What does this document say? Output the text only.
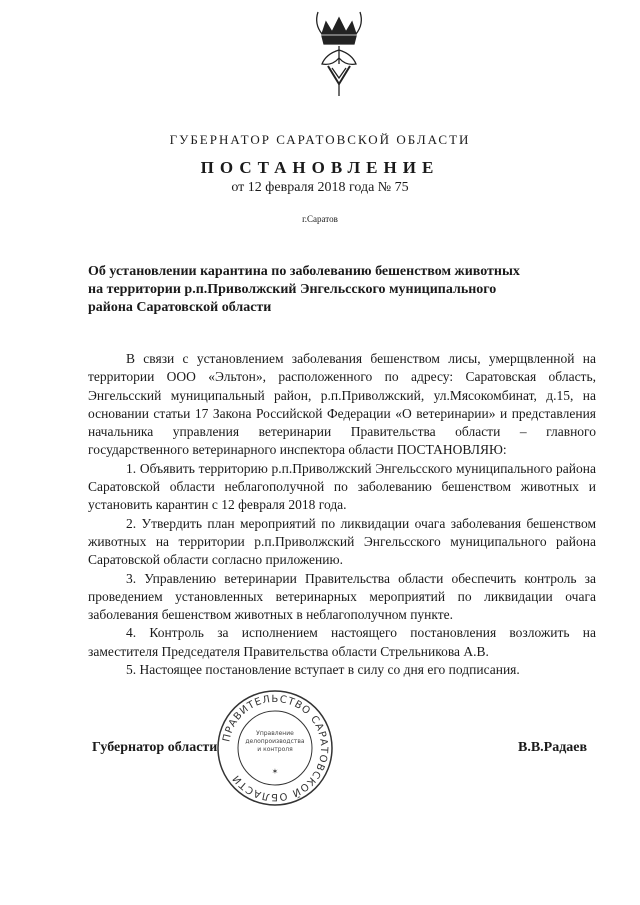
ГУБЕРНАТОР САРАТОВСКОЙ ОБЛАСТИ
ПОСТАНОВЛЕНИЕ
от 12 февраля 2018 года № 75
г.Саратов

Об установлении карантина по заболеванию бешенством животных на территории р.п.Приволжский Энгельсского муниципального района Саратовской области

В связи с установлением заболевания бешенством лисы, умерщвленной на территории ООО «Эльтон», расположенного по адресу: Саратовская область, Энгельсский муниципальный район, р.п.Приволжский, ул.Мясокомбинат, д.15, на основании статьи 17 Закона Российской Федерации «О ветеринарии» и представления начальника управления ветеринарии Правительства области – главного государственного ветеринарного инспектора области ПОСТАНОВЛЯЮ:

1. Объявить территорию р.п.Приволжский Энгельсского муниципального района Саратовской области неблагополучной по заболеванию бешенством животных и установить карантин с 12 февраля 2018 года.

2. Утвердить план мероприятий по ликвидации очага заболевания бешенством животных на территории р.п.Приволжский Энгельсского муниципального района Саратовской области согласно приложению.

3. Управлению ветеринарии Правительства области обеспечить контроль за проведением установленных ветеринарных мероприятий по ликвидации очага заболевания бешенством животных в неблагополучном пункте.

4. Контроль за исполнением настоящего постановления возложить на заместителя Председателя Правительства области Стрельникова А.В.

5. Настоящее постановление вступает в силу со дня его подписания.

Губернатор области	В.В.Радаев
ПРАВИТЕЛЬСТВО САРАТОВСКОЙ ОБЛАСТИ
Управление делопроизводства и контроля
✶
